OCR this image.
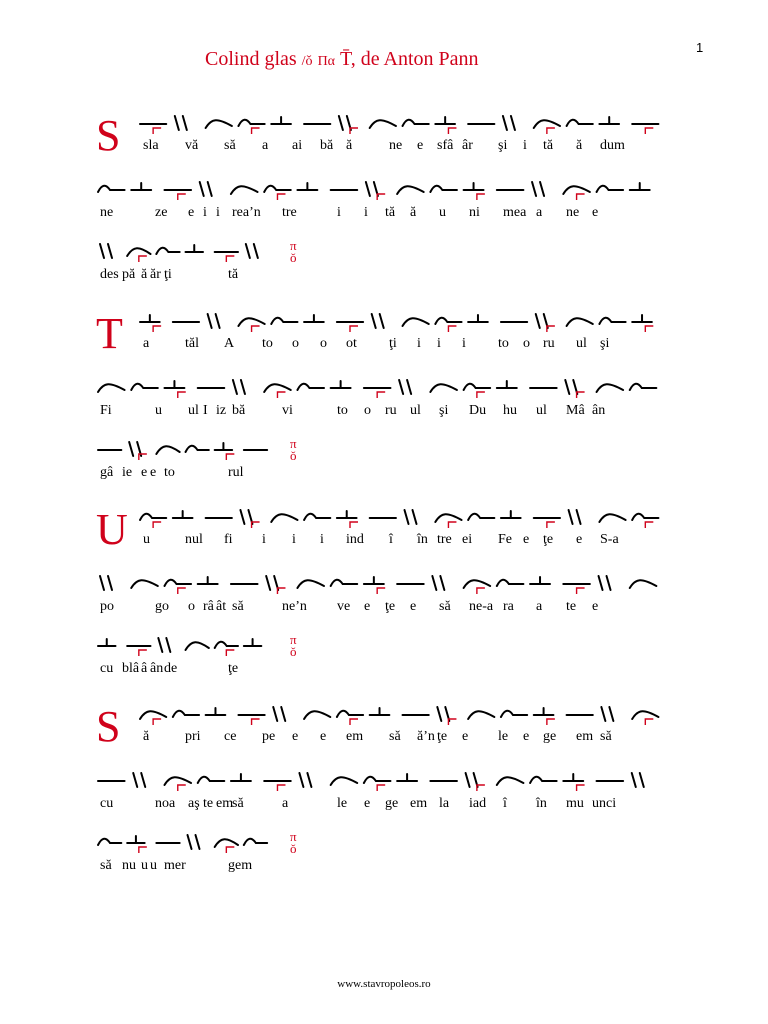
1
Colind glas /ǒ Πα T̄, de Anton Pann
S
π
ǒ
sla vă să a ai bă ă	ne e sfâ âr şi i tă ă dum
ne	ze e i i rea’n tre	i i tă ă u ni mea a ne e
des pă ă ăr ţi	tă
T
π
ǒ
a	tăl A to o o ot ţi i i i to o ru ul şi
Fi	u ul I iz bă	vi	to o ru ul şi Du hu ul Mâ ân
gâ ie e e to	rul
U
π
ǒ
u	nul fi i i i ind î în tre ei Fe e ţe e S-a
po	go o râ ât să	ne’n ve e ţe e să ne-a ra a te e
cu blâ â ân de	ţe
S
π
ǒ
ă	pri ce pe e e em să ă’n ţe e le e ge em să
cu	noa aş te em
să	a	le e ge em la iad î în mu unci
să nu u u mer	gem
www.stavropoleos.ro
